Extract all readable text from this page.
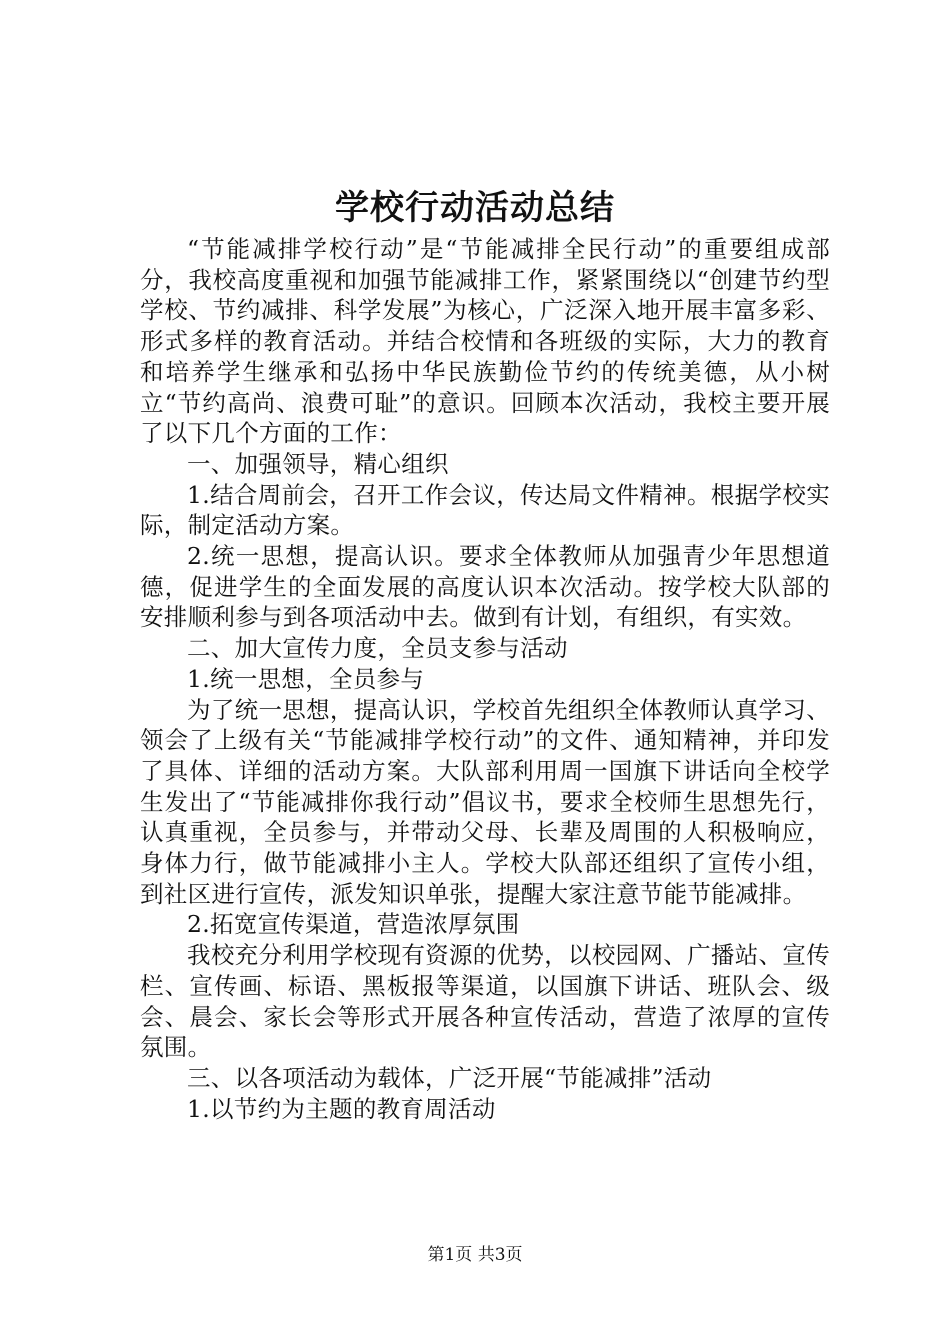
学校行动活动总结

“节能减排学校行动”是“节能减排全民行动”的重要组成部分，我校高度重视和加强节能减排工作，紧紧围绕以“创建节约型学校、节约减排、科学发展”为核心，广泛深入地开展丰富多彩、形式多样的教育活动。并结合校情和各班级的实际，大力的教育和培养学生继承和弘扬中华民族勤俭节约的传统美德，从小树立“节约高尚、浪费可耻”的意识。回顾本次活动，我校主要开展了以下几个方面的工作：

一、加强领导，精心组织

1.结合周前会，召开工作会议，传达局文件精神。根据学校实际，制定活动方案。

2.统一思想，提高认识。要求全体教师从加强青少年思想道德，促进学生的全面发展的高度认识本次活动。按学校大队部的安排顺利参与到各项活动中去。做到有计划，有组织，有实效。

二、加大宣传力度，全员支参与活动

1.统一思想，全员参与

为了统一思想，提高认识，学校首先组织全体教师认真学习、领会了上级有关“节能减排学校行动”的文件、通知精神，并印发了具体、详细的活动方案。大队部利用周一国旗下讲话向全校学生发出了“节能减排你我行动”倡议书，要求全校师生思想先行，认真重视，全员参与，并带动父母、长辈及周围的人积极响应，身体力行，做节能减排小主人。学校大队部还组织了宣传小组，到社区进行宣传，派发知识单张，提醒大家注意节能节能减排。

2.拓宽宣传渠道，营造浓厚氛围

我校充分利用学校现有资源的优势，以校园网、广播站、宣传栏、宣传画、标语、黑板报等渠道，以国旗下讲话、班队会、级会、晨会、家长会等形式开展各种宣传活动，营造了浓厚的宣传氛围。

三、以各项活动为载体，广泛开展“节能减排”活动

1.以节约为主题的教育周活动

第1页 共3页
